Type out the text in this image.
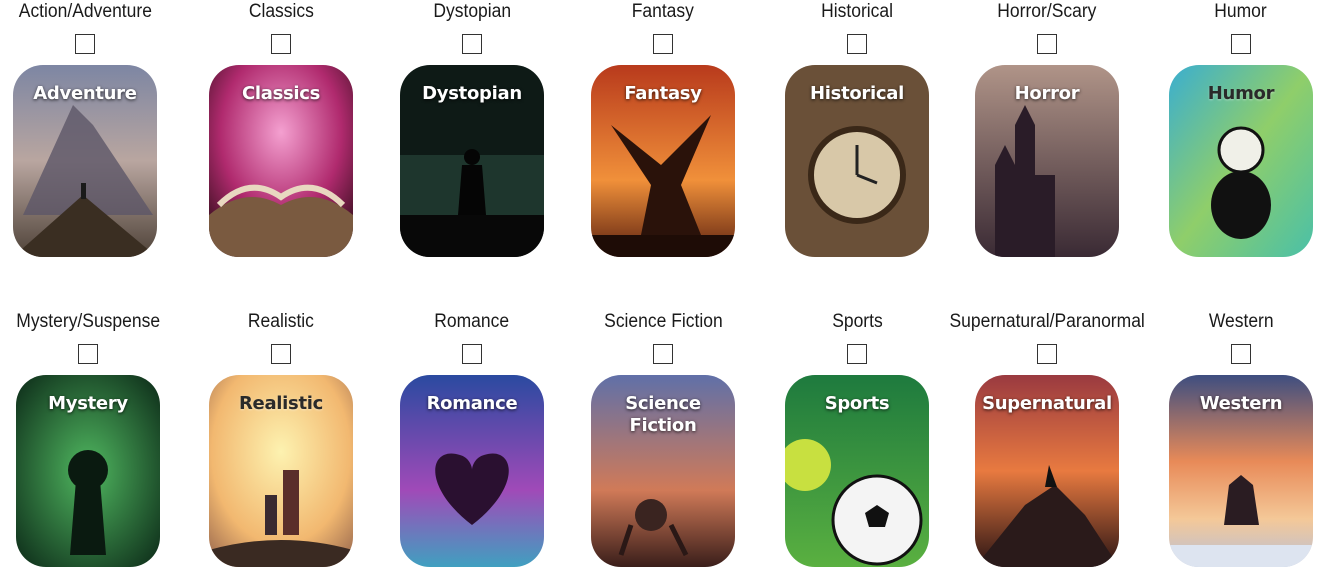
Action/Adventure
Adventure
Classics
Classics
Dystopian
Dystopian
Fantasy
Fantasy
Historical
Historical
Horror/Scary
Horror
Humor
Humor
Mystery/Suspense
Mystery
Realistic
Realistic
Romance
Romance
Science Fiction
Science
Fiction
Sports
Sports
Supernatural/Paranormal
Supernatural
Western
Western
